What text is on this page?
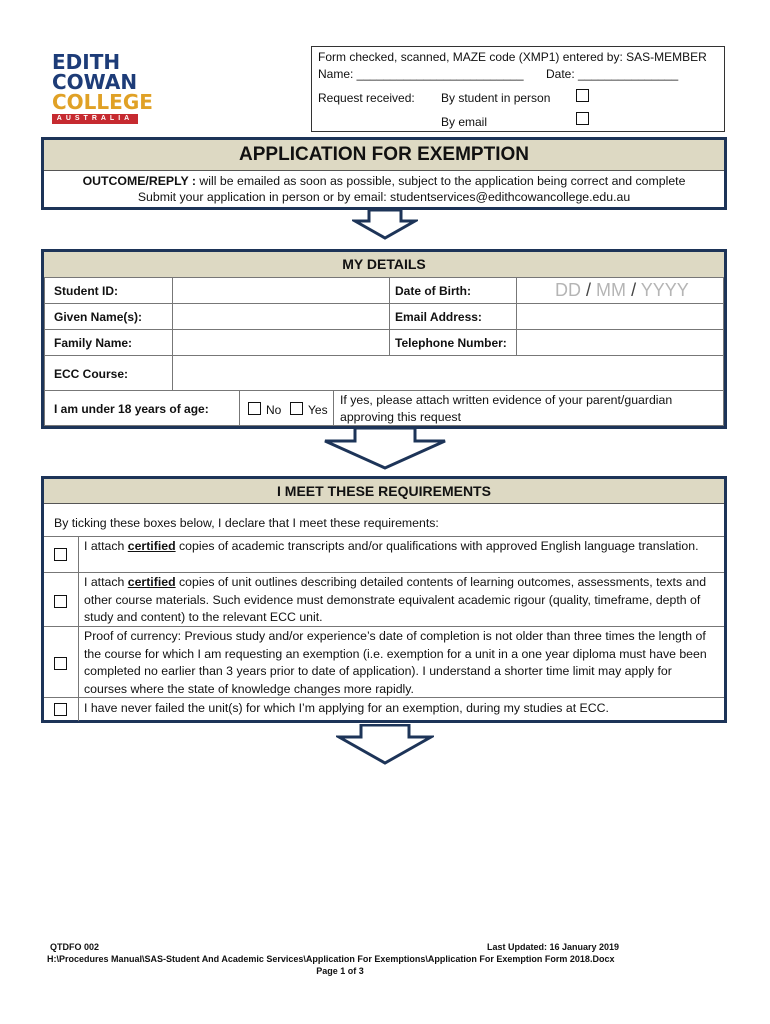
EDITH
COWAN
COLLEGE
AUSTRALIA
Form checked, scanned, MAZE code (XMP1) entered by: SAS-MEMBER
Name: _________________________ Date: _______________
Request received: By student in person
By email
APPLICATION FOR EXEMPTION
OUTCOME/REPLY : will be emailed as soon as possible, subject to the application being correct and complete
Submit your application in person or by email: studentservices@edithcowancollege.edu.au
MY DETAILS
Student ID:	Date of Birth:	DD / MM / YYYY
Given Name(s):	Email Address:
Family Name:	Telephone Number:
ECC Course:
I am under 18 years of age:	No Yes
If yes, please attach written evidence of your parent/guardian approving this request
I MEET THESE REQUIREMENTS
By ticking these boxes below, I declare that I meet these requirements:
I attach certified copies of academic transcripts and/or qualifications with approved English language translation.
I attach certified copies of unit outlines describing detailed contents of learning outcomes, assessments, texts and other course materials. Such evidence must demonstrate equivalent academic rigour (quality, timeframe, depth of study and content) to the relevant ECC unit.
Proof of currency: Previous study and/or experience’s date of completion is not older than three times the length of the course for which I am requesting an exemption (i.e. exemption for a unit in a one year diploma must have been completed no earlier than 3 years prior to date of application). I understand a shorter time limit may apply for courses where the state of knowledge changes more rapidly.
I have never failed the unit(s) for which I’m applying for an exemption, during my studies at ECC.
QTDFO 002	Last Updated: 16 January 2019
H:\Procedures Manual\SAS-Student And Academic Services\Application For Exemptions\Application For Exemption Form 2018.Docx
Page 1 of 3
